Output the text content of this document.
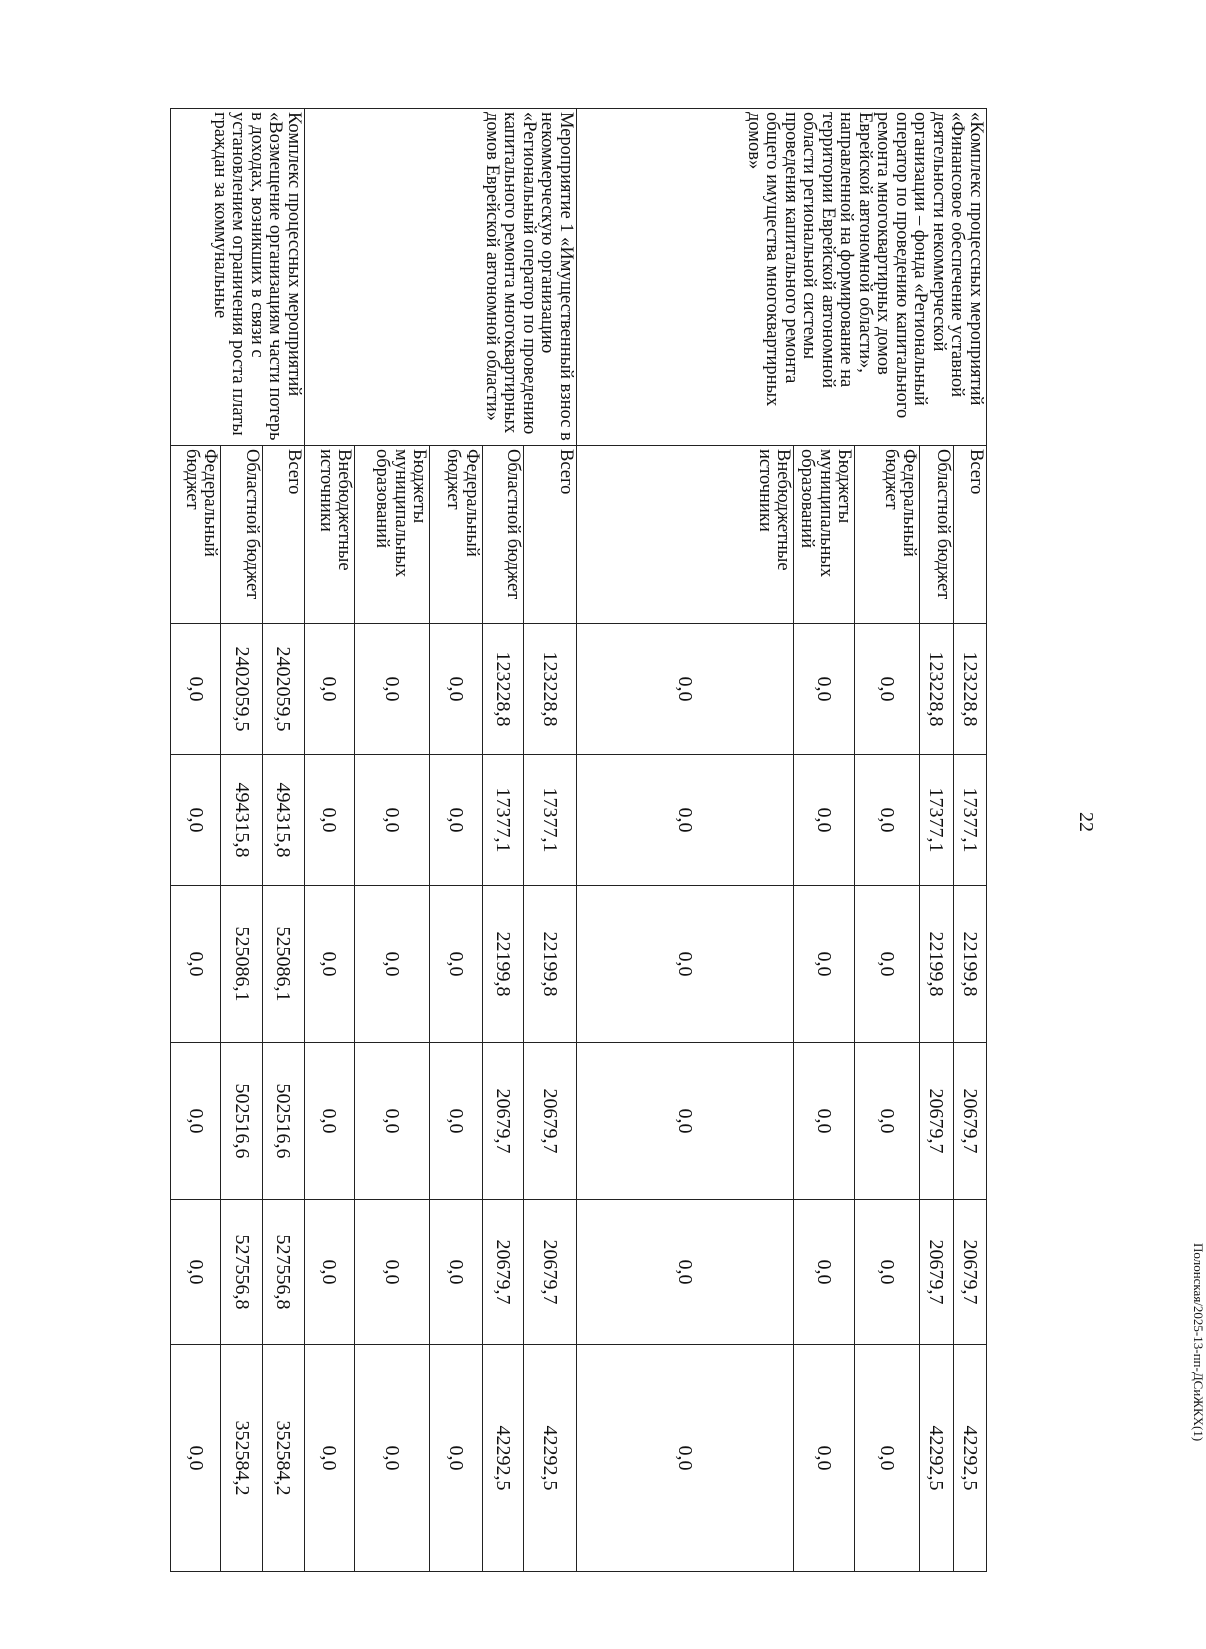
22
Полонская/2025-13-пп-ДСиЖКХ(1)
«Комплекс процессных мероприятий «Финансовое обеспечение уставной деятельности некоммерческой организации – фонда «Региональный оператор по проведению капитального ремонта многоквартирных домов Еврейской автономной области», направленной на формирование на территории Еврейской автономной области региональной системы проведения капитального ремонта общего имущества многоквартирных домов»	Всего	123228,8	17377,1	22199,8	20679,7	20679,7	42292,5
	Областной бюджет	123228,8	17377,1	22199,8	20679,7	20679,7	42292,5
	Федеральный бюджет	0,0	0,0	0,0	0,0	0,0	0,0
	Бюджеты муниципальных образований	0,0	0,0	0,0	0,0	0,0	0,0
	Внебюджетные источники	0,0	0,0	0,0	0,0	0,0	0,0
Мероприятие 1 «Имущественный взнос в некоммерческую организацию «Региональный оператор по проведению капитального ремонта многоквартирных домов Еврейской автономной области»	Всего	123228,8	17377,1	22199,8	20679,7	20679,7	42292,5
	Областной бюджет	123228,8	17377,1	22199,8	20679,7	20679,7	42292,5
	Федеральный бюджет	0,0	0,0	0,0	0,0	0,0	0,0
	Бюджеты муниципальных образований	0,0	0,0	0,0	0,0	0,0	0,0
	Внебюджетные источники	0,0	0,0	0,0	0,0	0,0	0,0
Комплекс процессных мероприятий «Возмещение организациям части потерь в доходах, возникших в связи с установлением ограничения роста платы граждан за коммунальные	Всего	2402059,5	494315,8	525086,1	502516,6	527556,8	352584,2
	Областной бюджет	2402059,5	494315,8	525086,1	502516,6	527556,8	352584,2
	Федеральный бюджет	0,0	0,0	0,0	0,0	0,0	0,0
